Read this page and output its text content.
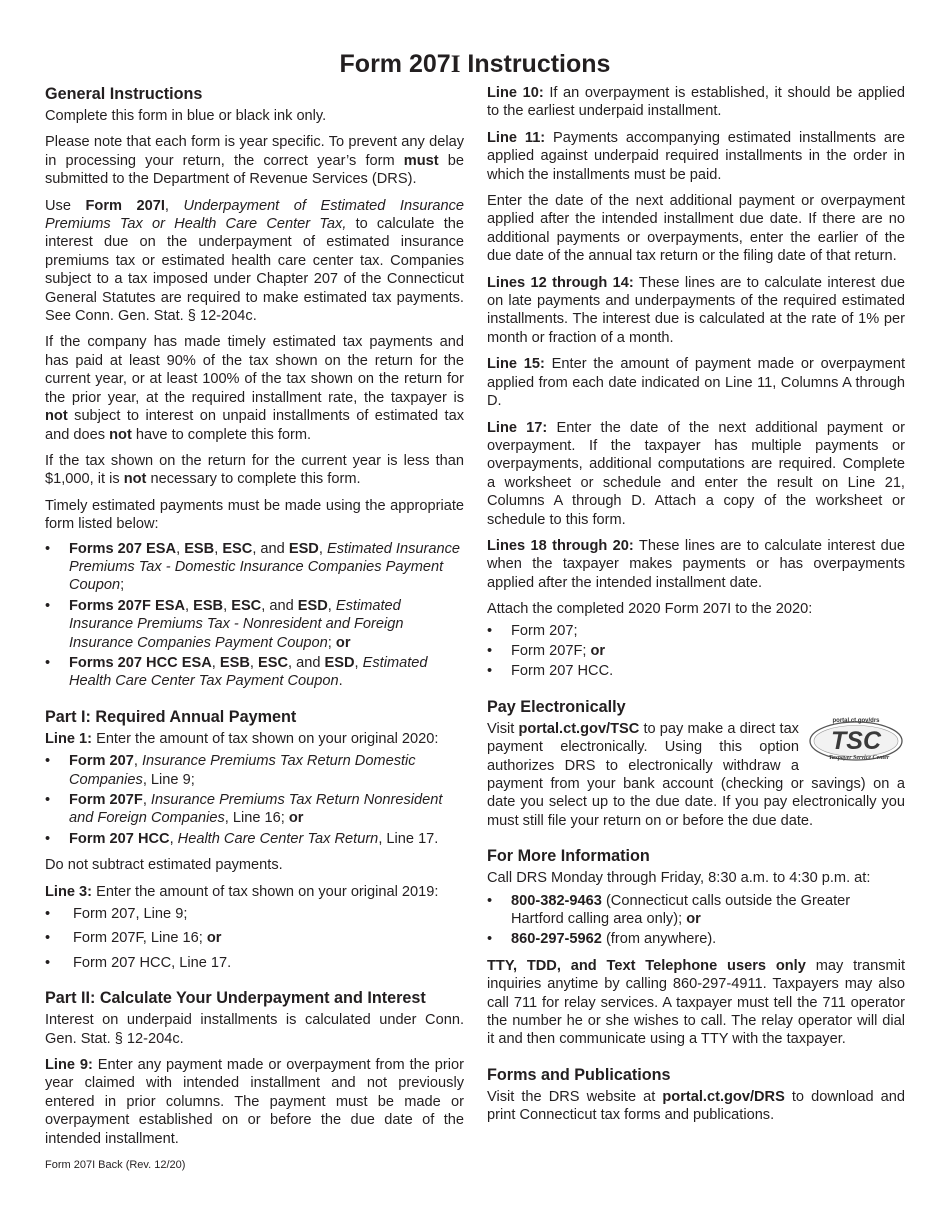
Form 207I Instructions
General Instructions

Complete this form in blue or black ink only.

Please note that each form is year specific. To prevent any delay in processing your return, the correct year’s form must be submitted to the Department of Revenue Services (DRS).

Use Form 207I, Underpayment of Estimated Insurance Premiums Tax or Health Care Center Tax, to calculate the interest due on the underpayment of estimated insurance premiums tax or estimated health care center tax. Companies subject to a tax imposed under Chapter 207 of the Connecticut General Statutes are required to make estimated tax payments. See Conn. Gen. Stat. § 12-204c.

If the company has made timely estimated tax payments and has paid at least 90% of the tax shown on the return for the current year, or at least 100% of the tax shown on the return for the prior year, at the required installment rate, the taxpayer is not subject to interest on unpaid installments of estimated tax and does not have to complete this form.

If the tax shown on the return for the current year is less than $1,000, it is not necessary to complete this form.

Timely estimated payments must be made using the appropriate form listed below:

• Forms 207 ESA, ESB, ESC, and ESD, Estimated Insurance Premiums Tax - Domestic Insurance Companies Payment Coupon;
• Forms 207F ESA, ESB, ESC, and ESD, Estimated Insurance Premiums Tax - Nonresident and Foreign Insurance Companies Payment Coupon; or
• Forms 207 HCC ESA, ESB, ESC, and ESD, Estimated Health Care Center Tax Payment Coupon.
Part I: Required Annual Payment

Line 1: Enter the amount of tax shown on your original 2020:

• Form 207, Insurance Premiums Tax Return Domestic Companies, Line 9;
• Form 207F, Insurance Premiums Tax Return Nonresident and Foreign Companies, Line 16; or
• Form 207 HCC, Health Care Center Tax Return, Line 17.

Do not subtract estimated payments.

Line 3: Enter the amount of tax shown on your original 2019:

• Form 207, Line 9;
• Form 207F, Line 16; or
• Form 207 HCC, Line 17.
Part II: Calculate Your Underpayment and Interest

Interest on underpaid installments is calculated under Conn. Gen. Stat. § 12-204c.

Line 9: Enter any payment made or overpayment from the prior year claimed with intended installment and not previously entered in prior columns. The payment must be made or overpayment established on or before the due date of the intended installment.

Line 10: If an overpayment is established, it should be applied to the earliest underpaid installment.

Line 11: Payments accompanying estimated installments are applied against underpaid required installments in the order in which the installments must be paid.

Enter the date of the next additional payment or overpayment applied after the intended installment due date. If there are no additional payments or overpayments, enter the earlier of the due date of the annual tax return or the filing date of that return.

Lines 12 through 14: These lines are to calculate interest due on late payments and underpayments of the required estimated installments. The interest due is calculated at the rate of 1% per month or fraction of a month.

Line 15: Enter the amount of payment made or overpayment applied from each date indicated on Line 11, Columns A through D.

Line 17: Enter the date of the next additional payment or overpayment. If the taxpayer has multiple payments or overpayments, additional computations are required. Complete a worksheet or schedule and enter the result on Line 21, Columns A through D. Attach a copy of the worksheet or schedule to this form.

Lines 18 through 20: These lines are to calculate interest due when the taxpayer makes payments or has overpayments applied after the intended installment date.

Attach the completed 2020 Form 207I to the 2020:

• Form 207;
• Form 207F; or
• Form 207 HCC.
Pay Electronically

portal.ct.gov/drs
TSC
Taxpayer Service Center
Visit portal.ct.gov/TSC to pay make a direct tax payment electronically. Using this option authorizes DRS to electronically withdraw a payment from your bank account (checking or savings) on a date you select up to the due date. If you pay electronically you must still file your return on or before the due date.

For More Information

Call DRS Monday through Friday, 8:30 a.m. to 4:30 p.m. at:

• 800-382-9463 (Connecticut calls outside the Greater Hartford calling area only); or
• 860-297-5962 (from anywhere).

TTY, TDD, and Text Telephone users only may transmit inquiries anytime by calling 860-297-4911. Taxpayers may also call 711 for relay services. A taxpayer must tell the 711 operator the number he or she wishes to call. The relay operator will dial it and then communicate using a TTY with the taxpayer.

Forms and Publications

Visit the DRS website at portal.ct.gov/DRS to download and print Connecticut tax forms and publications.

Form 207I Back (Rev. 12/20)
